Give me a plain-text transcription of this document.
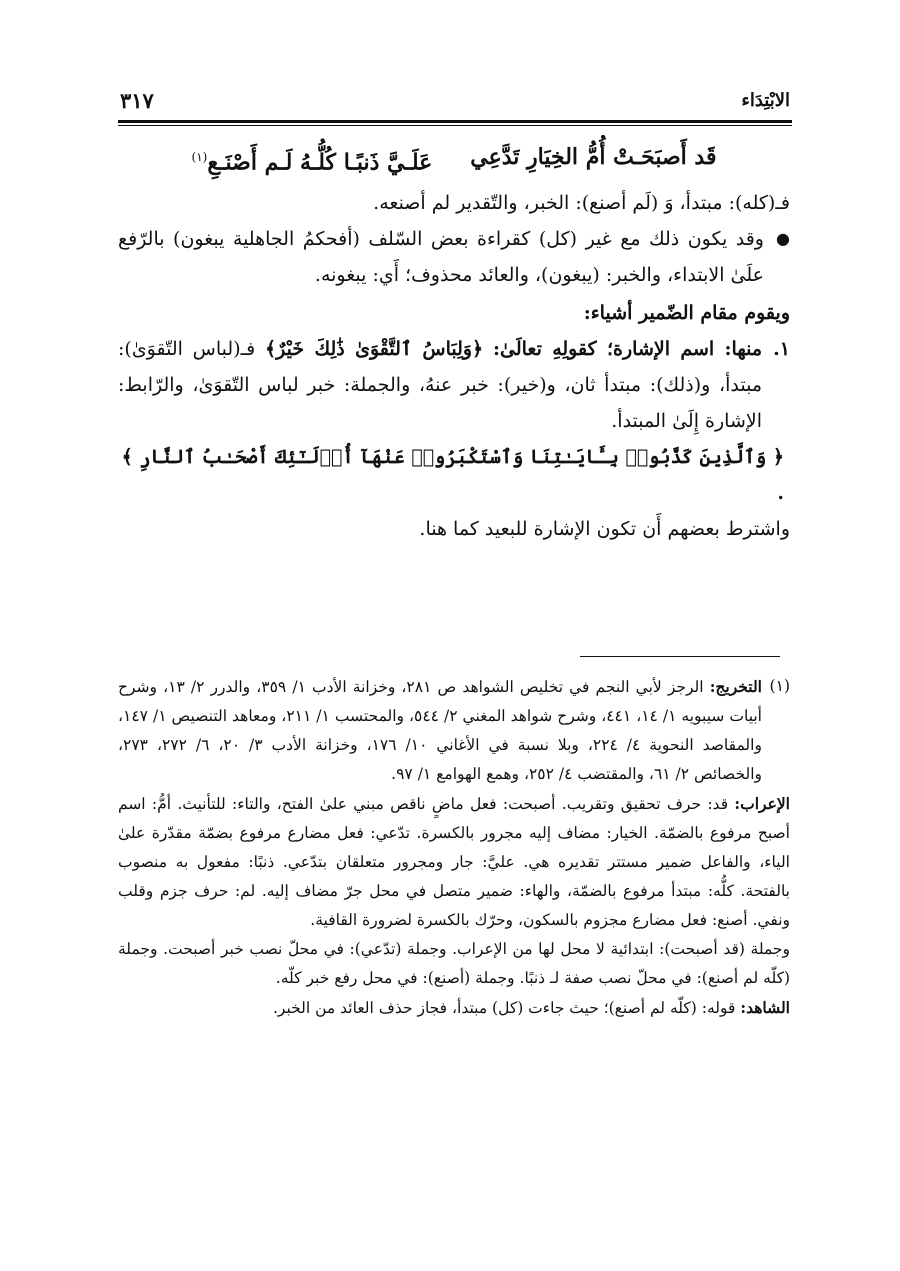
٣١٧	الابْتِدَاء
قَد أَصبَحَـتْ أُمُّ الخِيَارِ تَدَّعِي
عَلَـيَّ ذَنبًـا كُلُّـهُ لَـم أَصْنَـعِ$^{(١)}$

فـ(كله): مبتدأ، وَ (لَم أصنع): الخبر، والتّقدير لم أصنعه.

●
وقد يكون ذلك مع غير (كل) كقراءة بعض السّلف (أفحكمُ الجاهلية يبغون) بالرّفع علَىٰ الابتداء، والخبر: (يبغون)، والعائد محذوف؛ أَي: يبغونه.

ويقوم مقام الضّمير أشياء:

١.
منها: اسم الإشارة؛ كقولِهِ تعالَىٰ: ﴿وَلِبَاسُ ٱلتَّقْوَىٰ ذَٰلِكَ خَيْرٌ﴾ فـ(لباس التّقوَىٰ): مبتدأ، و(ذلك): مبتدأ ثان، و(خير): خبر عنهُ، والجملة: خبر لباس التّقوَىٰ، والرّابط: الإشارة إِلَىٰ المبتدأ.

﴿ وَٱلَّذِينَ كَذَّبُوا۟ بِـَٔايَـٰتِنَا وَٱسْتَكْبَرُوا۟ عَنْهَآ أُو۟لَـٰٓئِكَ أَصْحَـٰبُ ٱلنَّارِ ﴾ .

واشترط بعضهم أَن تكون الإشارة للبعيد كما هنا.

(١)
التخريج: الرجز لأبي النجم في تخليص الشواهد ص ٢٨١، وخزانة الأدب ١/ ٣٥٩، والدرر ٢/ ١٣، وشرح أبيات سيبويه ١/ ١٤، ٤٤١، وشرح شواهد المغني ٢/ ٥٤٤، والمحتسب ١/ ٢١١، ومعاهد التنصيص ١/ ١٤٧، والمقاصد النحوية ٤/ ٢٢٤، وبلا نسبة في الأغاني ١٠/ ١٧٦، وخزانة الأدب ٣/ ٢٠، ٦/ ٢٧٢، ٢٧٣، والخصائص ٢/ ٦١، والمقتضب ٤/ ٢٥٢، وهمع الهوامع ١/ ٩٧.

الإعراب: قد: حرف تحقيق وتقريب. أصبحت: فعل ماضٍ ناقص مبني علىٰ الفتح، والتاء: للتأنيث. أمُّ: اسم أصبح مرفوع بالضمّة. الخيار: مضاف إليه مجرور بالكسرة. تدّعي: فعل مضارع مرفوع بضمّة مقدّرة علىٰ الياء، والفاعل ضمير مستتر تقديره هي. عليَّ: جار ومجرور متعلقان بتدّعي. ذنبًا: مفعول به منصوب بالفتحة. كلُّه: مبتدأ مرفوع بالضمّة، والهاء: ضمير متصل في محل جرّ مضاف إليه. لم: حرف جزم وقلب ونفي. أصنع: فعل مضارع مجزوم بالسكون، وحرّك بالكسرة لضرورة القافية.

وجملة (قد أصبحت): ابتدائية لا محل لها من الإعراب. وجملة (تدّعي): في محلّ نصب خبر أصبحت. وجملة (كلّه لم أصنع): في محلّ نصب صفة لـ ذنبًا. وجملة (أصنع): في محل رفع خبر كلّه.

الشاهد: قوله: (كلّه لم أصنع)؛ حيث جاءت (كل) مبتدأ، فجاز حذف العائد من الخبر.
